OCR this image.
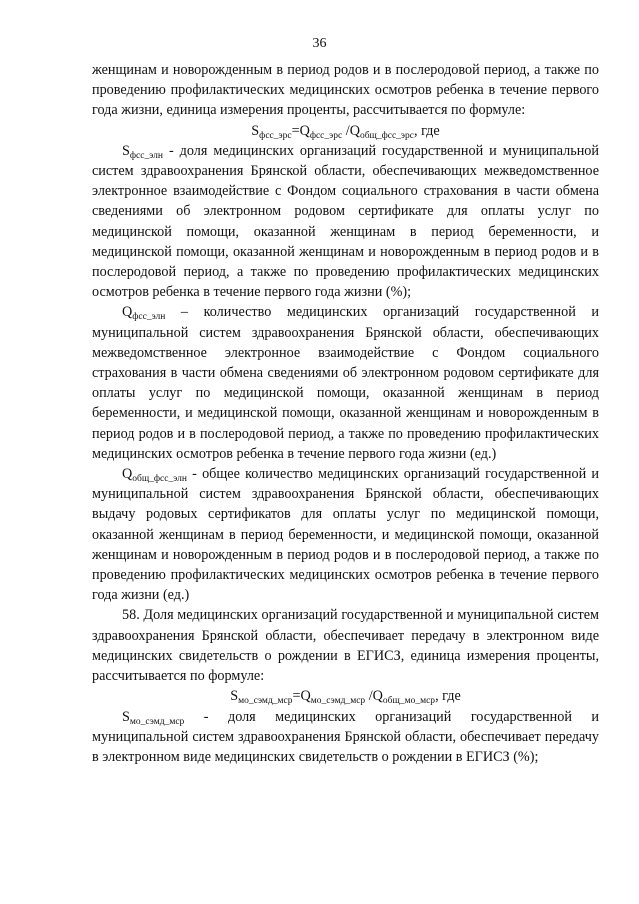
36

женщинам и новорожденным в период родов и в послеродовой период, а также по проведению профилактических медицинских осмотров ребенка в течение первого года жизни, единица измерения проценты, рассчитывается по формуле:

$S_{фсс\_эрс}=Q_{фсс\_эрс}$ $/Q_{общ\_фсс\_эрс}$, где

$S_{фсс\_элн}$ - доля медицинских организаций государственной и муниципальной систем здравоохранения Брянской области, обеспечивающих межведомственное электронное взаимодействие с Фондом социального страхования в части обмена сведениями об электронном родовом сертификате для оплаты услуг по медицинской помощи, оказанной женщинам в период беременности, и медицинской помощи, оказанной женщинам и новорожденным в период родов и в послеродовой период, а также по проведению профилактических медицинских осмотров ребенка в течение первого года жизни (%);

$Q_{фсс\_элн}$ – количество медицинских организаций государственной и муниципальной систем здравоохранения Брянской области, обеспечивающих межведомственное электронное взаимодействие с Фондом социального страхования в части обмена сведениями об электронном родовом сертификате для оплаты услуг по медицинской помощи, оказанной женщинам в период беременности, и медицинской помощи, оказанной женщинам и новорожденным в период родов и в послеродовой период, а также по проведению профилактических медицинских осмотров ребенка в течение первого года жизни (ед.)

$Q_{общ\_фсс\_элн}$ - общее количество медицинских организаций государственной и муниципальной систем здравоохранения Брянской области, обеспечивающих выдачу родовых сертификатов для оплаты услуг по медицинской помощи, оказанной женщинам в период беременности, и медицинской помощи, оказанной женщинам и новорожденным в период родов и в послеродовой период, а также по проведению профилактических медицинских осмотров ребенка в течение первого года жизни (ед.)

58. Доля медицинских организаций государственной и муниципальной систем здравоохранения Брянской области, обеспечивает передачу в электронном виде медицинских свидетельств о рождении в ЕГИСЗ, единица измерения проценты, рассчитывается по формуле:

$S_{мо\_сэмд\_мср}=Q_{мо\_сэмд\_мср}$ $/Q_{общ\_мо\_мср}$, где

$S_{мо\_сэмд\_мср}$ - доля медицинских организаций государственной и муниципальной систем здравоохранения Брянской области, обеспечивает передачу в электронном виде медицинских свидетельств о рождении в ЕГИСЗ (%);
